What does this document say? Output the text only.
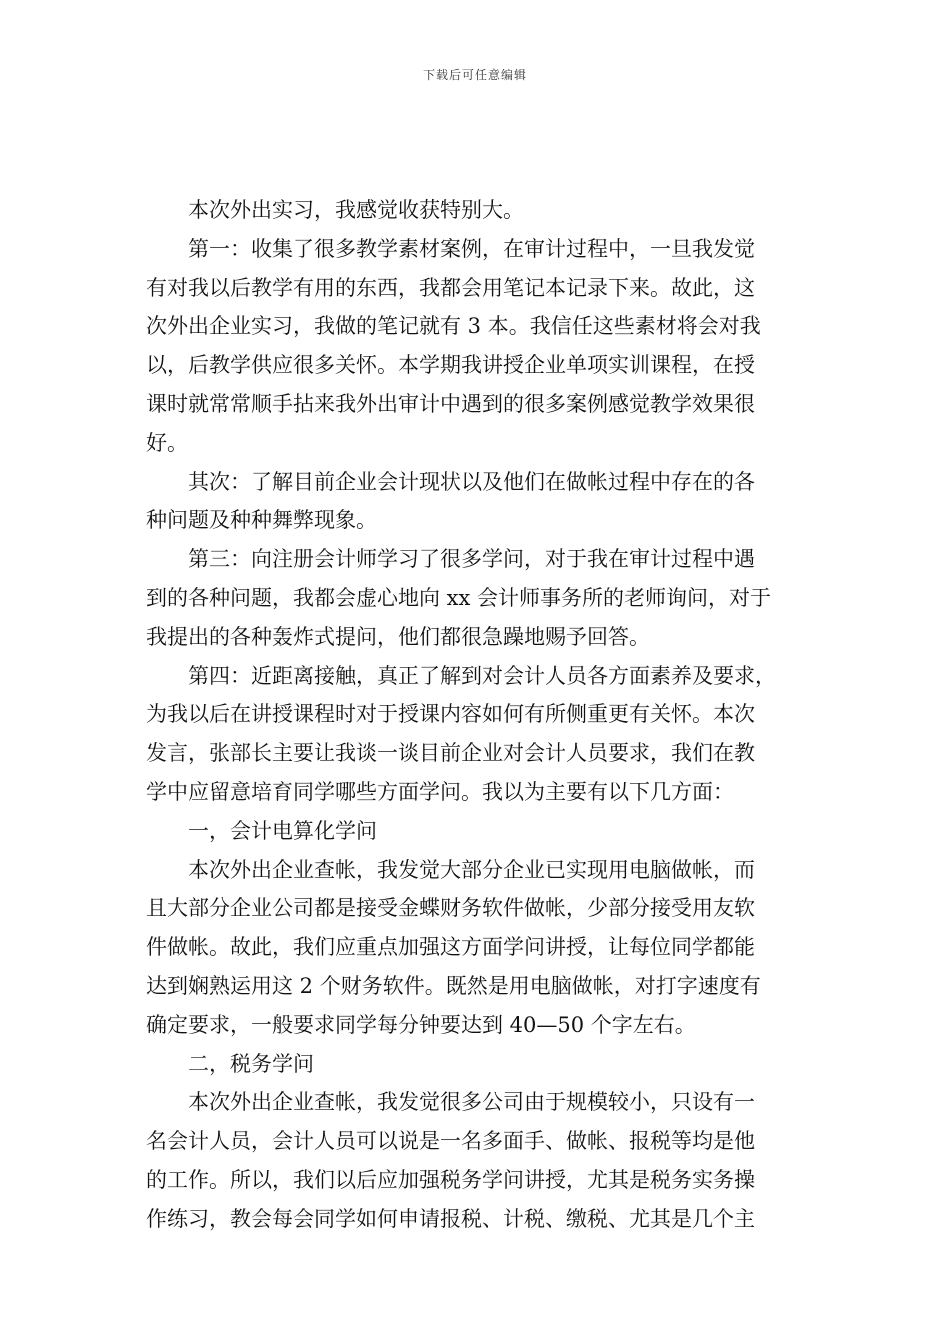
下载后可任意编辑
本次外出实习，我感觉收获特别大。
第一：收集了很多教学素材案例，在审计过程中，一旦我发觉
有对我以后教学有用的东西，我都会用笔记本记录下来。故此，这
次外出企业实习，我做的笔记就有 3 本。我信任这些素材将会对我
以，后教学供应很多关怀。本学期我讲授企业单项实训课程，在授
课时就常常顺手拈来我外出审计中遇到的很多案例感觉教学效果很
好。
其次：了解目前企业会计现状以及他们在做帐过程中存在的各
种问题及种种舞弊现象。
第三：向注册会计师学习了很多学问，对于我在审计过程中遇
到的各种问题，我都会虚心地向 xx 会计师事务所的老师询问，对于
我提出的各种轰炸式提问，他们都很急躁地赐予回答。
第四：近距离接触，真正了解到对会计人员各方面素养及要求，
为我以后在讲授课程时对于授课内容如何有所侧重更有关怀。本次
发言，张部长主要让我谈一谈目前企业对会计人员要求，我们在教
学中应留意培育同学哪些方面学问。我以为主要有以下几方面：
一，会计电算化学问
本次外出企业查帐，我发觉大部分企业已实现用电脑做帐，而
且大部分企业公司都是接受金蝶财务软件做帐，少部分接受用友软
件做帐。故此，我们应重点加强这方面学问讲授，让每位同学都能
达到娴熟运用这 2 个财务软件。既然是用电脑做帐，对打字速度有
确定要求，一般要求同学每分钟要达到 40—50 个字左右。
二，税务学问
本次外出企业查帐，我发觉很多公司由于规模较小，只设有一
名会计人员，会计人员可以说是一名多面手、做帐、报税等均是他
的工作。所以，我们以后应加强税务学问讲授，尤其是税务实务操
作练习，教会每会同学如何申请报税、计税、缴税、尤其是几个主
